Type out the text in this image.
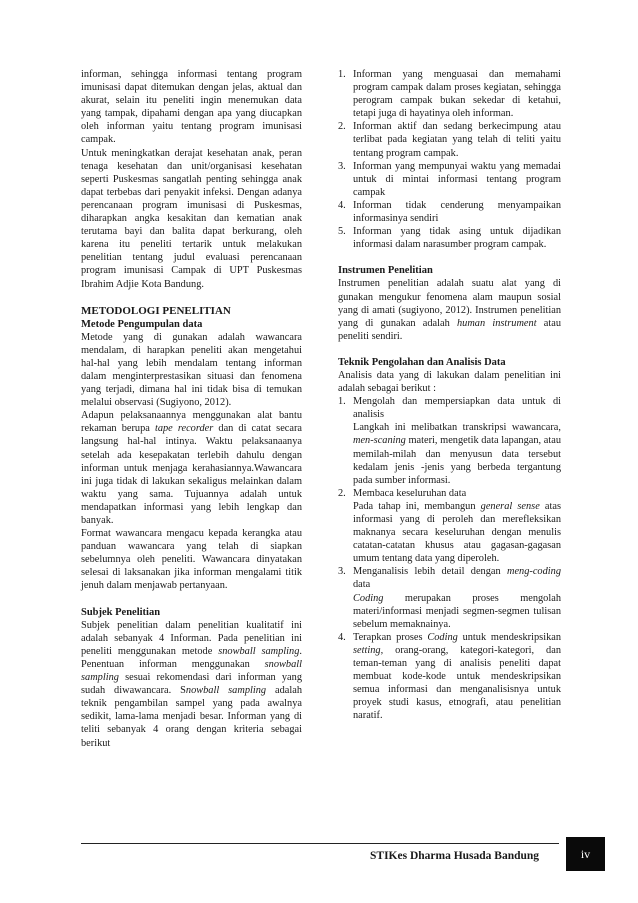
informan, sehingga informasi tentang program imunisasi dapat ditemukan dengan jelas, aktual dan akurat, selain itu peneliti ingin menemukan data yang tampak, dipahami dengan apa yang diucapkan oleh informan yaitu tentang program imunisasi campak.

Untuk meningkatkan derajat kesehatan anak, peran tenaga kesehatan dan unit/organisasi kesehatan seperti Puskesmas sangatlah penting sehingga anak dapat terbebas dari penyakit infeksi. Dengan adanya perencanaan program imunisasi di Puskesmas, diharapkan angka kesakitan dan kematian anak terutama bayi dan balita dapat berkurang, oleh karena itu peneliti tertarik untuk melakukan penelitian tentang judul evaluasi perencanaan program imunisasi Campak di UPT Puskesmas Ibrahim Adjie Kota Bandung.

METODOLOGI PENELITIAN
Metode Pengumpulan data

Metode yang di gunakan adalah wawancara mendalam, di harapkan peneliti akan mengetahui hal-hal yang lebih mendalam tentang informan dalam menginterprestasikan situasi dan fenomena yang terjadi, dimana hal ini tidak bisa di temukan melalui observasi (Sugiyono, 2012).

Adapun pelaksanaannya menggunakan alat bantu rekaman berupa tape recorder dan di catat secara langsung hal-hal intinya. Waktu pelaksanaanya setelah ada kesepakatan terlebih dahulu dengan informan untuk menjaga kerahasiannya.Wawancara ini juga tidak di lakukan sekaligus melainkan dalam waktu yang sama. Tujuannya adalah untuk mendapatkan informasi yang lebih lengkap dan banyak.

Format wawancara mengacu kepada kerangka atau panduan wawancara yang telah di siapkan sebelumnya oleh peneliti. Wawancara dinyatakan selesai di laksanakan jika informan mengalami titik jenuh dalam menjawab pertanyaan.

Subjek Penelitian

Subjek penelitian dalam penelitian kualitatif ini adalah sebanyak 4 Informan. Pada penelitian ini peneliti menggunakan metode snowball sampling. Penentuan informan menggunakan snowball sampling sesuai rekomendasi dari informan yang sudah diwawancara. Snowball sampling adalah teknik pengambilan sampel yang pada awalnya sedikit, lama-lama menjadi besar. Informan yang di teliti sebanyak 4 orang dengan kriteria sebagai berikut

1. Informan yang menguasai dan memahami program campak dalam proses kegiatan, sehingga perogram campak bukan sekedar di ketahui, tetapi juga di hayatinya oleh informan.
2. Informan aktif dan sedang berkecimpung atau terlibat pada kegiatan yang telah di teliti yaitu tentang program campak.
3. Informan yang mempunyai waktu yang memadai untuk di mintai informasi tentang program campak
4. Informan tidak cenderung menyampaikan informasinya sendiri
5. Informan yang tidak asing untuk dijadikan informasi dalam narasumber program campak.
Instrumen Penelitian

Instrumen penelitian adalah suatu alat yang di gunakan mengukur fenomena alam maupun sosial yang di amati (sugiyono, 2012). Instrumen penelitian yang di gunakan adalah human instrument atau peneliti sendiri.

Teknik Pengolahan dan Analisis Data

Analisis data yang di lakukan dalam penelitian ini adalah sebagai berikut :

1. Mengolah dan mempersiapkan data untuk di analisis
Langkah ini melibatkan transkripsi wawancara, men-scaning materi, mengetik data lapangan, atau memilah-milah dan menyusun data tersebut kedalam jenis -jenis yang berbeda tergantung pada sumber informasi.
2. Membaca keseluruhan data
Pada tahap ini, membangun general sense atas informasi yang di peroleh dan merefleksikan maknanya secara keseluruhan dengan menulis catatan-catatan khusus atau gagasan-gagasan umum tentang data yang diperoleh.
3. Menganalisis lebih detail dengan meng-coding data
Coding merupakan proses mengolah materi/informasi menjadi segmen-segmen tulisan sebelum memaknainya.
4. Terapkan proses Coding untuk mendeskripsikan setting, orang-orang, kategori-kategori, dan teman-teman yang di analisis peneliti dapat membuat kode-kode untuk mendeskripsikan semua informasi dan menganalisisnya untuk proyek studi kasus, etnografi, atau penelitian naratif.
STIKes Dharma Husada Bandung	iv
